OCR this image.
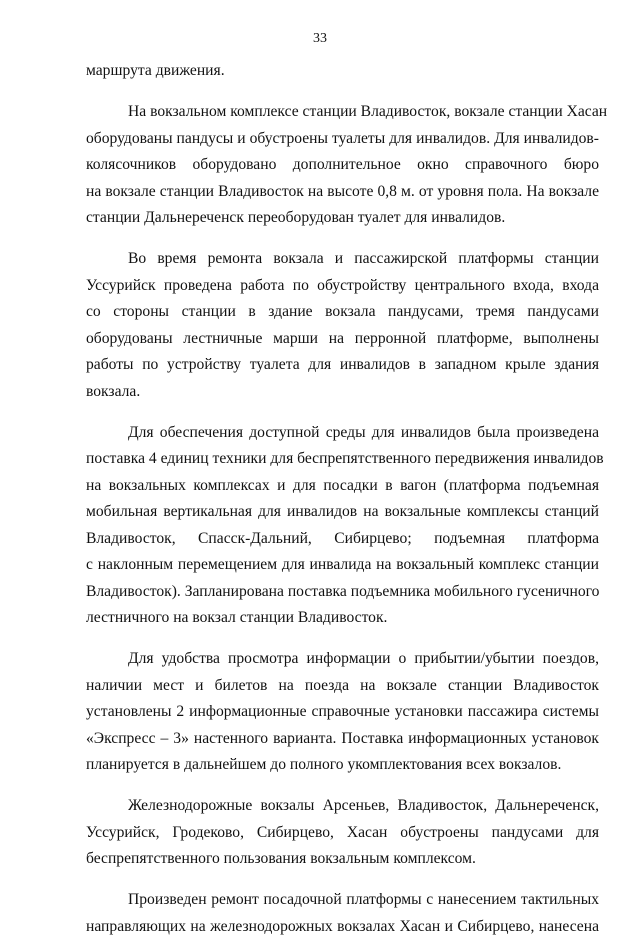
33

маршрута движения.

На вокзальном комплексе станции Владивосток, вокзале станции Хасан
оборудованы пандусы и обустроены туалеты для инвалидов. Для инвалидов-
колясочников оборудовано дополнительное окно справочного бюро
на вокзале станции Владивосток на высоте 0,8 м. от уровня пола. На вокзале
станции Дальнереченск переоборудован туалет для инвалидов.

Во время ремонта вокзала и пассажирской платформы станции
Уссурийск проведена работа по обустройству центрального входа, входа
со стороны станции в здание вокзала пандусами, тремя пандусами
оборудованы лестничные марши на перронной платформе, выполнены
работы по устройству туалета для инвалидов в западном крыле здания
вокзала.

Для обеспечения доступной среды для инвалидов была произведена
поставка 4 единиц техники для беспрепятственного передвижения инвалидов
на вокзальных комплексах и для посадки в вагон (платформа подъемная
мобильная вертикальная для инвалидов на вокзальные комплексы станций
Владивосток, Спасск-Дальний, Сибирцево; подъемная платформа
с наклонным перемещением для инвалида на вокзальный комплекс станции
Владивосток). Запланирована поставка подъемника мобильного гусеничного
лестничного на вокзал станции Владивосток.

Для удобства просмотра информации о прибытии/убытии поездов,
наличии мест и билетов на поезда на вокзале станции Владивосток
установлены 2 информационные справочные установки пассажира системы
«Экспресс – 3» настенного варианта. Поставка информационных установок
планируется в дальнейшем до полного укомплектования всех вокзалов.

Железнодорожные вокзалы Арсеньев, Владивосток, Дальнереченск,
Уссурийск, Гродеково, Сибирцево, Хасан обустроены пандусами для
беспрепятственного пользования вокзальным комплексом.

Произведен ремонт посадочной платформы с нанесением тактильных
направляющих на железнодорожных вокзалах Хасан и Сибирцево, нанесена
